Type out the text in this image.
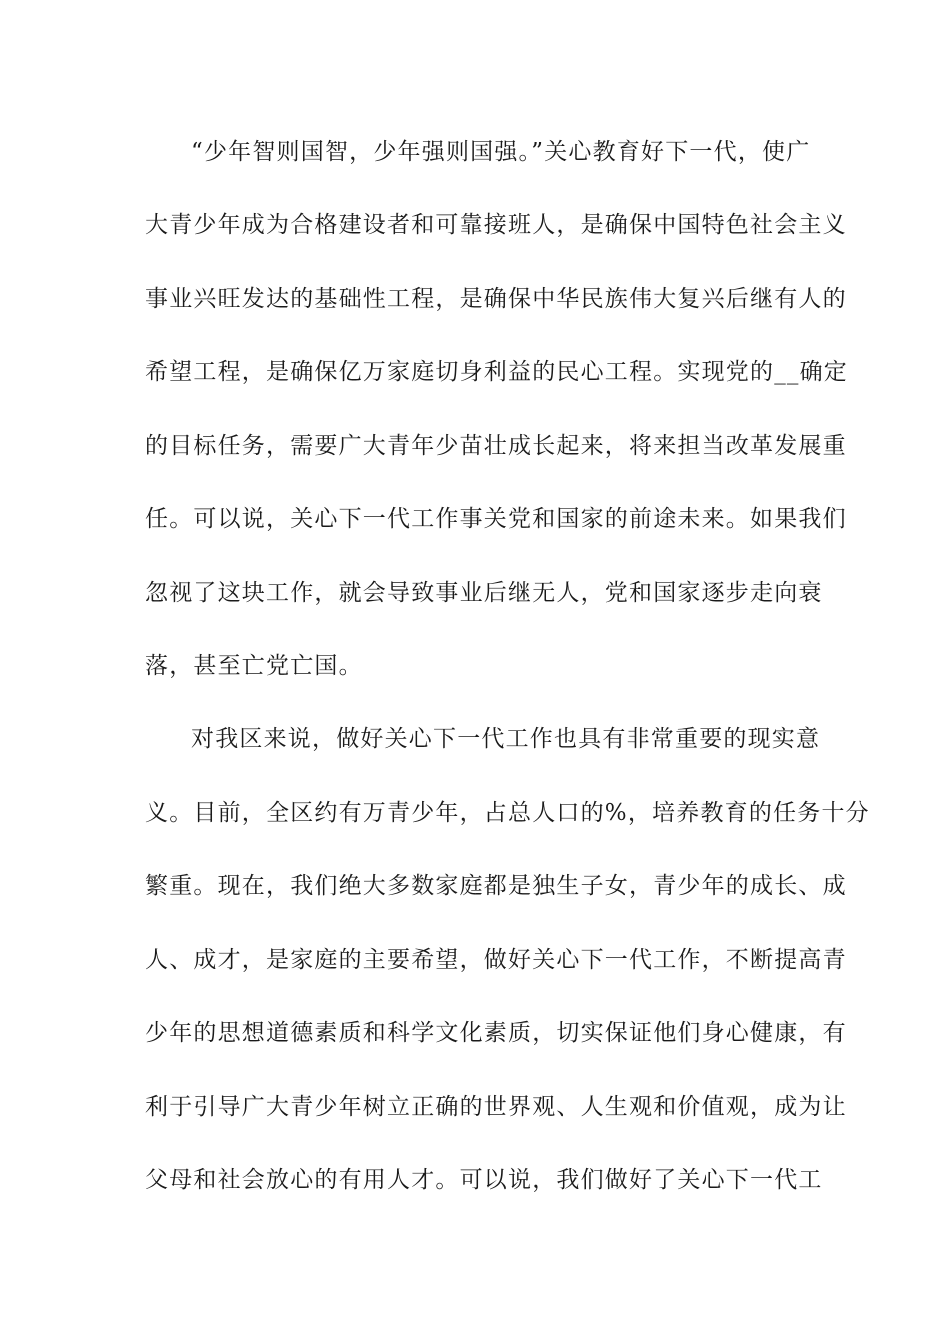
“少年智则国智，少年强则国强。”关心教育好下一代，使广
大青少年成为合格建设者和可靠接班人，是确保中国特色社会主义
事业兴旺发达的基础性工程，是确保中华民族伟大复兴后继有人的
希望工程，是确保亿万家庭切身利益的民心工程。实现党的__确定
的目标任务，需要广大青年少苗壮成长起来，将来担当改革发展重
任。可以说，关心下一代工作事关党和国家的前途未来。如果我们
忽视了这块工作，就会导致事业后继无人，党和国家逐步走向衰
落，甚至亡党亡国。
对我区来说，做好关心下一代工作也具有非常重要的现实意
义。目前，全区约有万青少年，占总人口的%，培养教育的任务十分
繁重。现在，我们绝大多数家庭都是独生子女，青少年的成长、成
人、成才，是家庭的主要希望，做好关心下一代工作，不断提高青
少年的思想道德素质和科学文化素质，切实保证他们身心健康，有
利于引导广大青少年树立正确的世界观、人生观和价值观，成为让
父母和社会放心的有用人才。可以说，我们做好了关心下一代工
